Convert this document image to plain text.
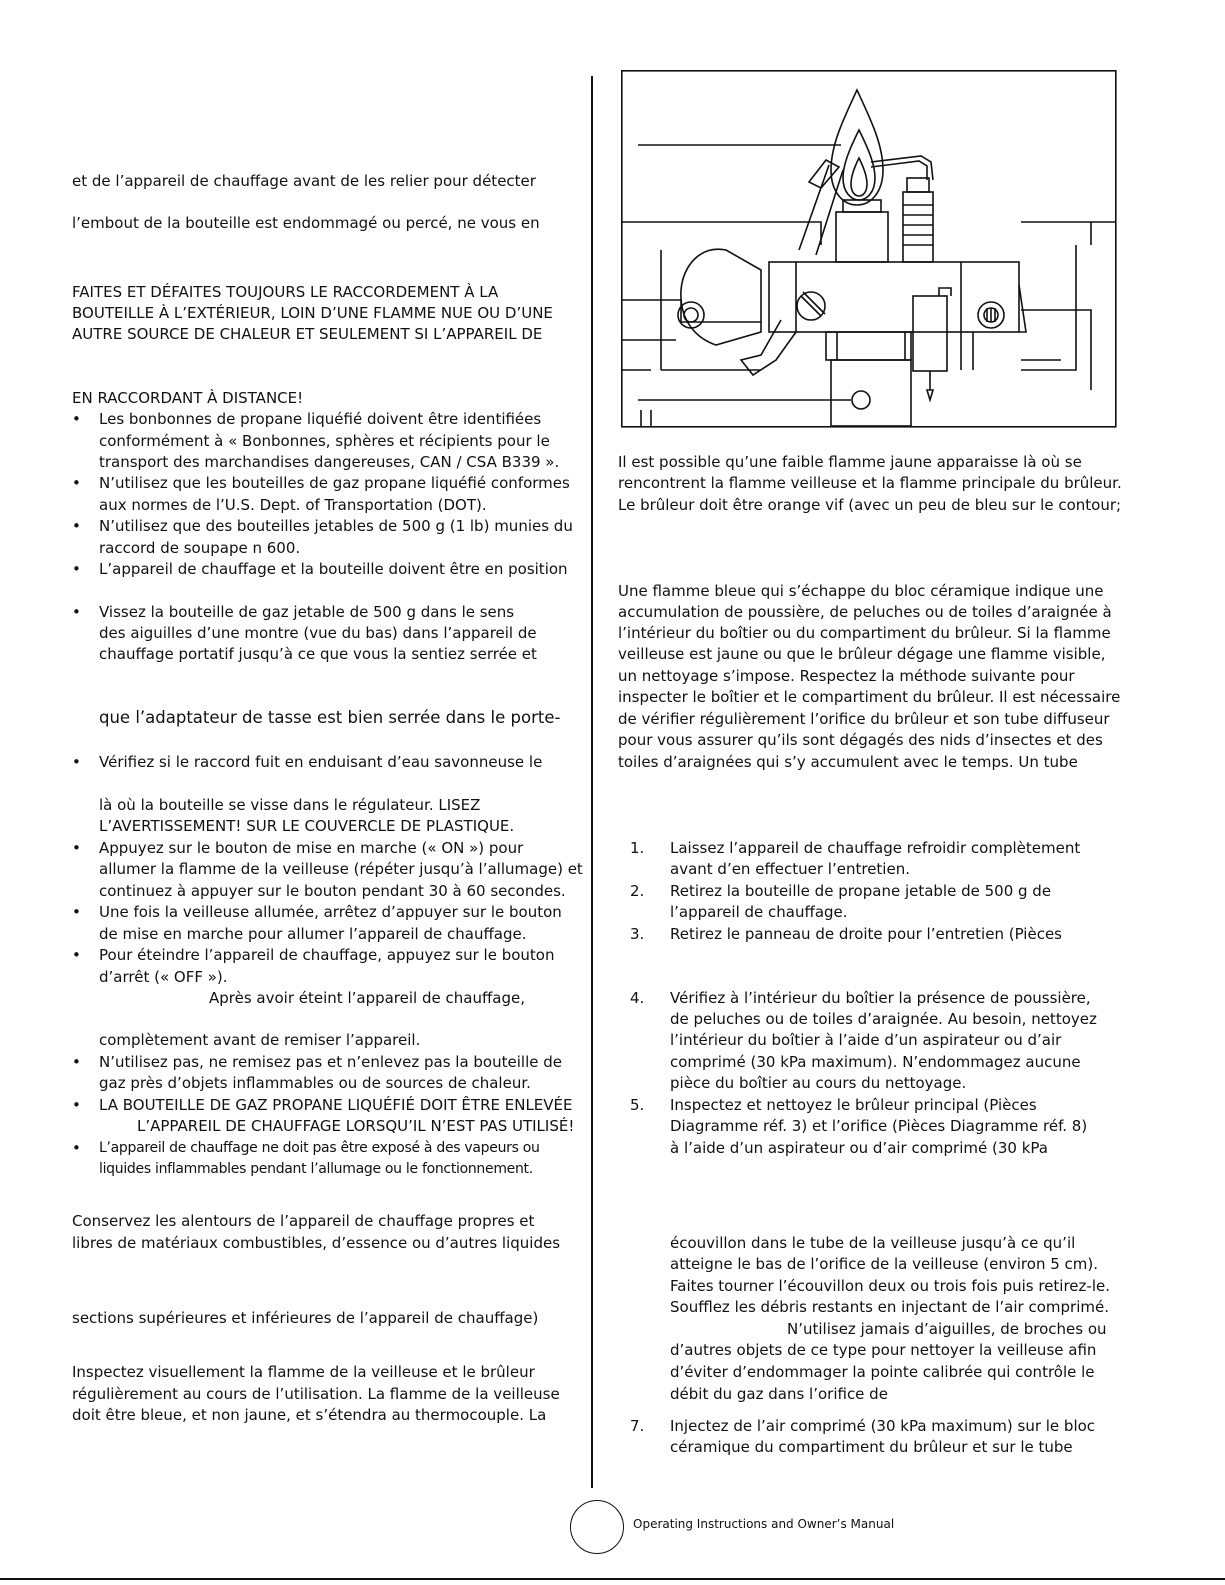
et de l’appareil de chauffage avant de les relier pour détecter
l’embout de la bouteille est endommagé ou percé, ne vous en
FAITES ET DÉFAITES TOUJOURS LE RACCORDEMENT À LA
BOUTEILLE À L’EXTÉRIEUR, LOIN D’UNE FLAMME NUE OU D’UNE
AUTRE SOURCE DE CHALEUR ET SEULEMENT SI L’APPAREIL DE
EN RACCORDANT À DISTANCE!
• Les bonbonnes de propane liquéfié doivent être identifiées
conformément à « Bonbonnes, sphères et récipients pour le
transport des marchandises dangereuses, CAN / CSA B339 ».
• N’utilisez que les bouteilles de gaz propane liquéfié conformes
aux normes de l’U.S. Dept. of Transportation (DOT).
• N’utilisez que des bouteilles jetables de 500 g (1 lb) munies du
raccord de soupape n 600.
• L’appareil de chauffage et la bouteille doivent être en position
• Vissez la bouteille de gaz jetable de 500 g dans le sens
des aiguilles d’une montre (vue du bas) dans l’appareil de
chauffage portatif jusqu’à ce que vous la sentiez serrée et
que l’adaptateur de tasse est bien serrée dans le porte-
• Vérifiez si le raccord fuit en enduisant d’eau savonneuse le
là où la bouteille se visse dans le régulateur. LISEZ
L’AVERTISSEMENT! SUR LE COUVERCLE DE PLASTIQUE.
• Appuyez sur le bouton de mise en marche (« ON ») pour
allumer la flamme de la veilleuse (répéter jusqu’à l’allumage) et
continuez à appuyer sur le bouton pendant 30 à 60 secondes.
• Une fois la veilleuse allumée, arrêtez d’appuyer sur le bouton
de mise en marche pour allumer l’appareil de chauffage.
• Pour éteindre l’appareil de chauffage, appuyez sur le bouton
d’arrêt (« OFF »).
Après avoir éteint l’appareil de chauffage,
complètement avant de remiser l’appareil.
• N’utilisez pas, ne remisez pas et n’enlevez pas la bouteille de
gaz près d’objets inflammables ou de sources de chaleur.
• LA BOUTEILLE DE GAZ PROPANE LIQUÉFIÉ DOIT ÊTRE ENLEVÉE
L’APPAREIL DE CHAUFFAGE LORSQU’IL N’EST PAS UTILISÉ!
• L’appareil de chauffage ne doit pas être exposé à des vapeurs ou
liquides inflammables pendant l’allumage ou le fonctionnement.
Conservez les alentours de l’appareil de chauffage propres et
libres de matériaux combustibles, d’essence ou d’autres liquides
sections supérieures et inférieures de l’appareil de chauffage)
Inspectez visuellement la flamme de la veilleuse et le brûleur
régulièrement au cours de l’utilisation. La flamme de la veilleuse
doit être bleue, et non jaune, et s’étendra au thermocouple. La
Il est possible qu’une faible flamme jaune apparaisse là où se
rencontrent la flamme veilleuse et la flamme principale du brûleur.
Le brûleur doit être orange vif (avec un peu de bleu sur le contour;
Une flamme bleue qui s’échappe du bloc céramique indique une
accumulation de poussière, de peluches ou de toiles d’araignée à
l’intérieur du boîtier ou du compartiment du brûleur. Si la flamme
veilleuse est jaune ou que le brûleur dégage une flamme visible,
un nettoyage s’impose. Respectez la méthode suivante pour
inspecter le boîtier et le compartiment du brûleur. Il est nécessaire
de vérifier régulièrement l’orifice du brûleur et son tube diffuseur
pour vous assurer qu’ils sont dégagés des nids d’insectes et des
toiles d’araignées qui s’y accumulent avec le temps. Un tube
1. Laissez l’appareil de chauffage refroidir complètement
avant d’en effectuer l’entretien.
2. Retirez la bouteille de propane jetable de 500 g de
l’appareil de chauffage.
3. Retirez le panneau de droite pour l’entretien (Pièces
4. Vérifiez à l’intérieur du boîtier la présence de poussière,
de peluches ou de toiles d’araignée. Au besoin, nettoyez
l’intérieur du boîtier à l’aide d’un aspirateur ou d’air
comprimé (30 kPa maximum). N’endommagez aucune
pièce du boîtier au cours du nettoyage.
5. Inspectez et nettoyez le brûleur principal (Pièces
Diagramme réf. 3) et l’orifice (Pièces Diagramme réf. 8)
à l’aide d’un aspirateur ou d’air comprimé (30 kPa
écouvillon dans le tube de la veilleuse jusqu’à ce qu’il
atteigne le bas de l’orifice de la veilleuse (environ 5 cm).
Faites tourner l’écouvillon deux ou trois fois puis retirez-le.
Soufflez les débris restants en injectant de l’air comprimé.
N’utilisez jamais d’aiguilles, de broches ou
d’autres objets de ce type pour nettoyer la veilleuse afin
d’éviter d’endommager la pointe calibrée qui contrôle le
débit du gaz dans l’orifice de
7. Injectez de l’air comprimé (30 kPa maximum) sur le bloc
céramique du compartiment du brûleur et sur le tube
Operating Instructions and Owner’s Manual
